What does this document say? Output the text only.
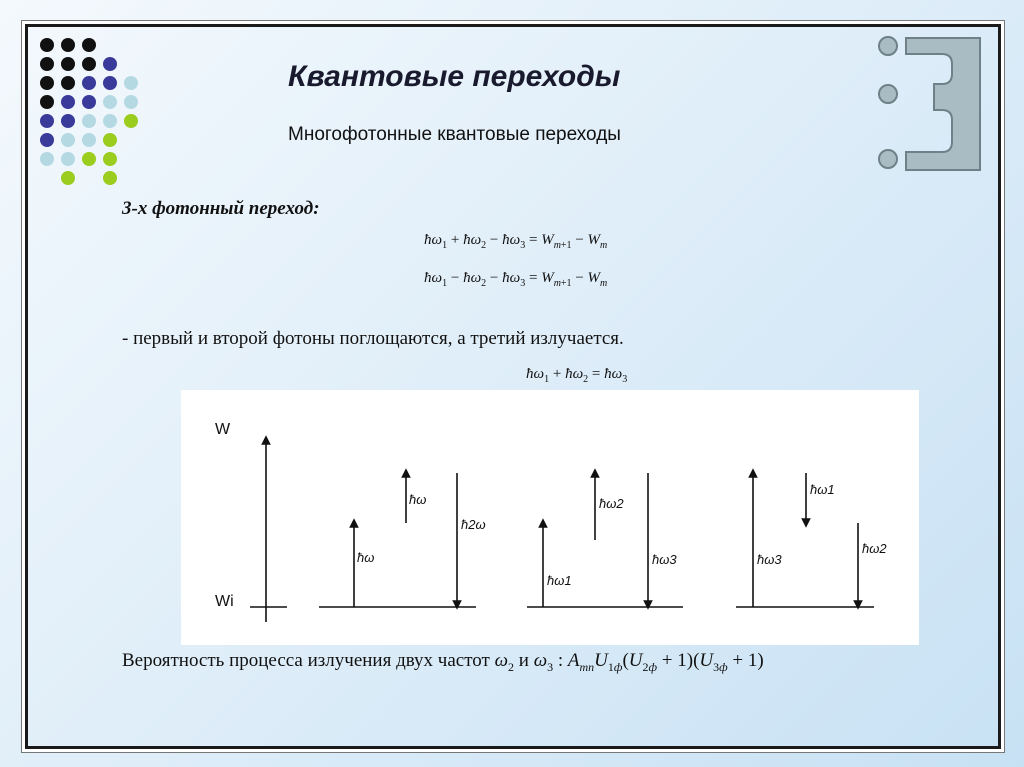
Квантовые переходы
Многофотонные квантовые переходы
3-х фотонный переход:
$ħ\omega_1$ + $ħ\omega_2$ − $ħ\omega_3 = W_{m+1} - W_m$
$ħ\omega_1$ − $ħ\omega_2$ − $ħ\omega_3 = W_{m+1} - W_m$
- первый и второй фотоны поглощаются, а третий излучается.
$ħ\omega_1$ + $ħ\omega_2$ = $ħ\omega_3$
W
Wi
ħω
ħω
ħ2ω
ħω1
ħω2
ħω3	ħω3
ħω1
ħω2
Вероятность процесса излучения двух частот $\omega_2$ и $\omega_3$ : $A_{mn}U_{1ф}(U_{2ф} + 1)(U_{3ф} + 1)$
